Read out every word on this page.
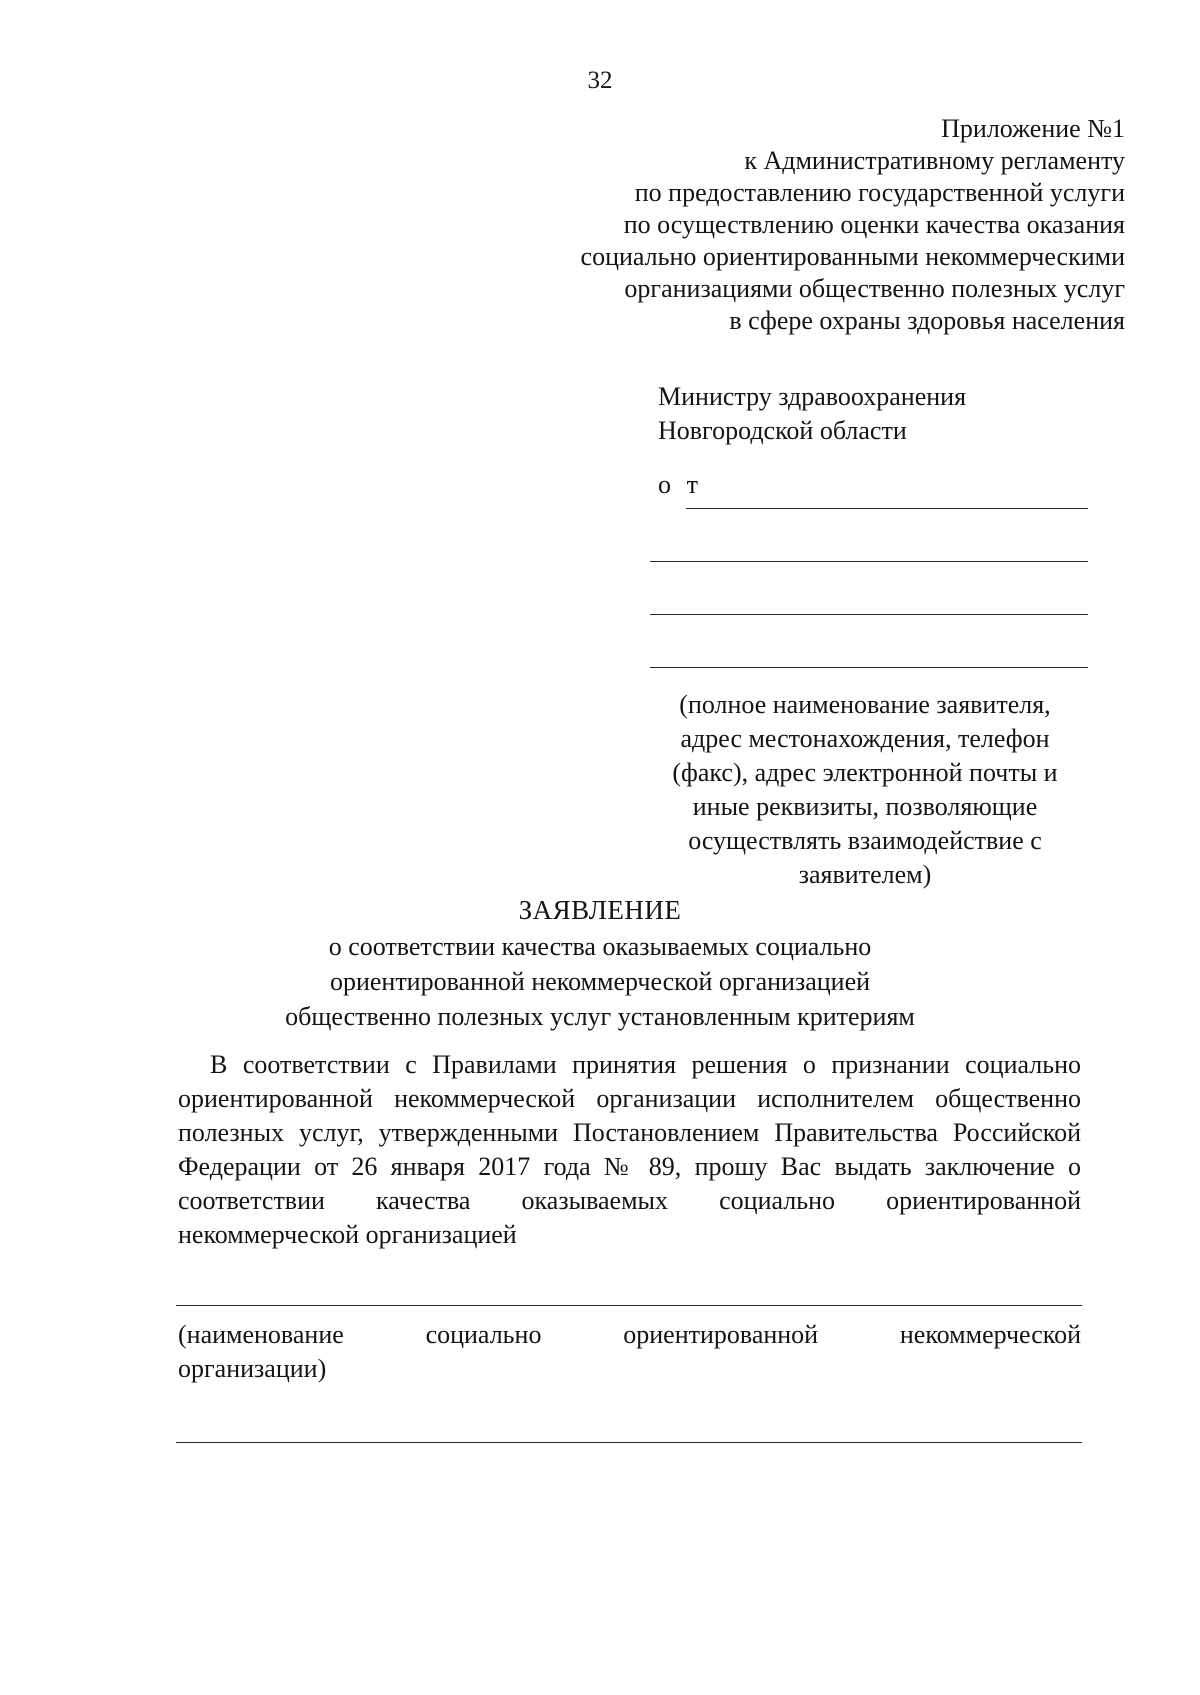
32
Приложение №1
к Административному регламенту
по предоставлению государственной услуги
по осуществлению оценки качества оказания
социально ориентированными некоммерческими
организациями общественно полезных услуг
в сфере охраны здоровья населения
Министру здравоохранения
Новгородской области
от
(полное наименование заявителя,
адрес местонахождения, телефон
(факс), адрес электронной почты и
иные реквизиты, позволяющие
осуществлять взаимодействие с
заявителем)
ЗАЯВЛЕНИЕ
о соответствии качества оказываемых социально
ориентированной некоммерческой организацией
общественно полезных услуг установленным критериям
В соответствии с Правилами принятия решения о признании социально ориентированной некоммерческой организации исполнителем общественно полезных услуг, утвержденными Постановлением Правительства Российской Федерации от 26 января 2017 года № 89, прошу Вас выдать заключение о соответствии качества оказываемых социально ориентированной некоммерческой организацией
(наименование	социально	ориентированной	некоммерческой
организации)
